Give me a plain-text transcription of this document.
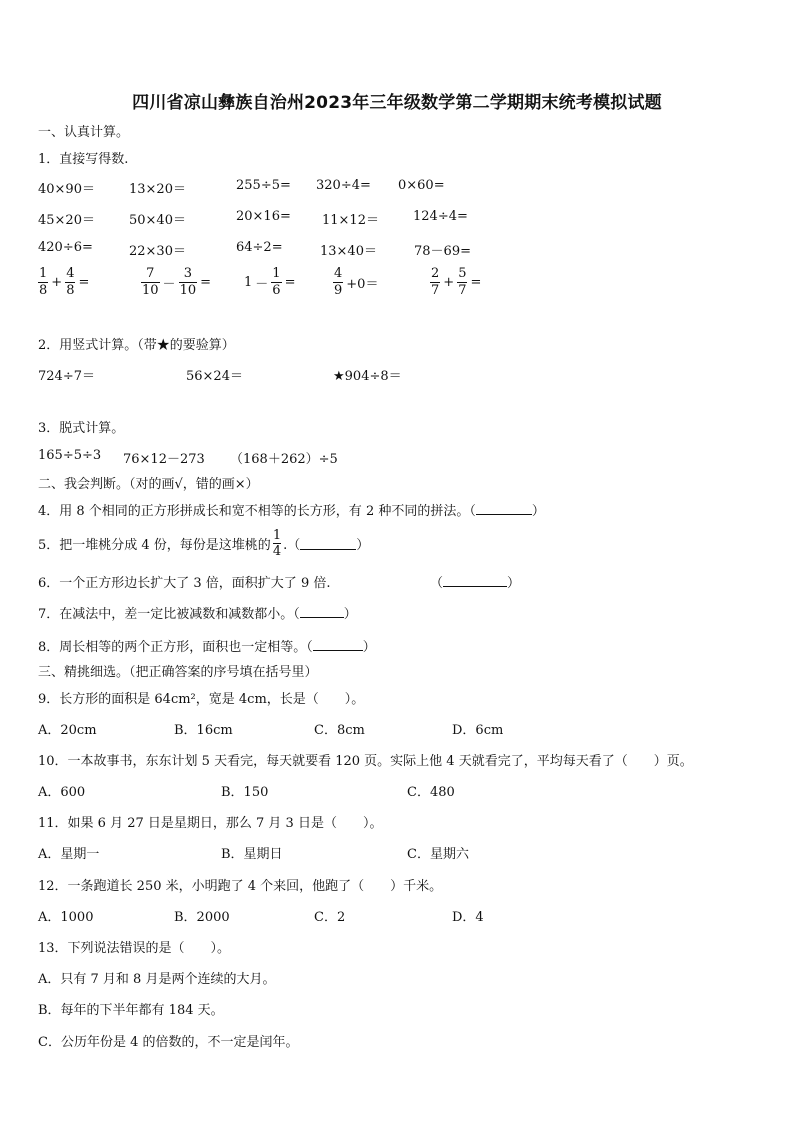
四川省凉山彝族自治州2023年三年级数学第二学期期末统考模拟试题
一、认真计算。
1．直接写得数.
40×90＝	13×20＝	255÷5= 320÷4= 0×60=
45×20＝	50×40＝	20×16= 11×12＝	124÷4=
420÷6=	22×30＝	64÷2=	13×40＝	78－69=
$\frac{1}{8} + \frac{4}{8}$ =	$\frac{7}{10} - \frac{3}{10}$ =	$1 - \frac{1}{6}$ =	$\frac{4}{9} +0=$	$\frac{2}{7} + \frac{5}{7}$ =
2．用竖式计算。（带★的要验算）
724÷7＝	56×24＝	★904÷8＝
3．脱式计算。
165÷5÷3 76×12－273 （168＋262）÷5
二、我会判断。（对的画√，错的画×）
4．用 8 个相同的正方形拼成长和宽不相等的长方形，有 2 种不同的拼法。（	）
5．把一堆桃分成 4 份，每份是这堆桃的 $\frac{1}{4}$ .（	）
6．一个正方形边长扩大了 3 倍，面积扩大了 9 倍.	（	）
7．在减法中，差一定比被减数和减数都小。（	）
8．周长相等的两个正方形，面积也一定相等。（	）
三、精挑细选。（把正确答案的序号填在括号里）
9．长方形的面积是 64cm²，宽是 4cm，长是（　　）。
A．20cm	B．16cm	C．8cm	D．6cm
10．一本故事书，东东计划 5 天看完，每天就要看 120 页。实际上他 4 天就看完了，平均每天看了（　　）页。
A．600	B．150	C．480
11．如果 6 月 27 日是星期日，那么 7 月 3 日是（　　）。
A．星期一	B．星期日	C．星期六
12．一条跑道长 250 米，小明跑了 4 个来回，他跑了（　　）千米。
A．1000	B．2000	C．2	D．4
13．下列说法错误的是（　　）。
A．只有 7 月和 8 月是两个连续的大月。
B．每年的下半年都有 184 天。
C．公历年份是 4 的倍数的，不一定是闰年。
